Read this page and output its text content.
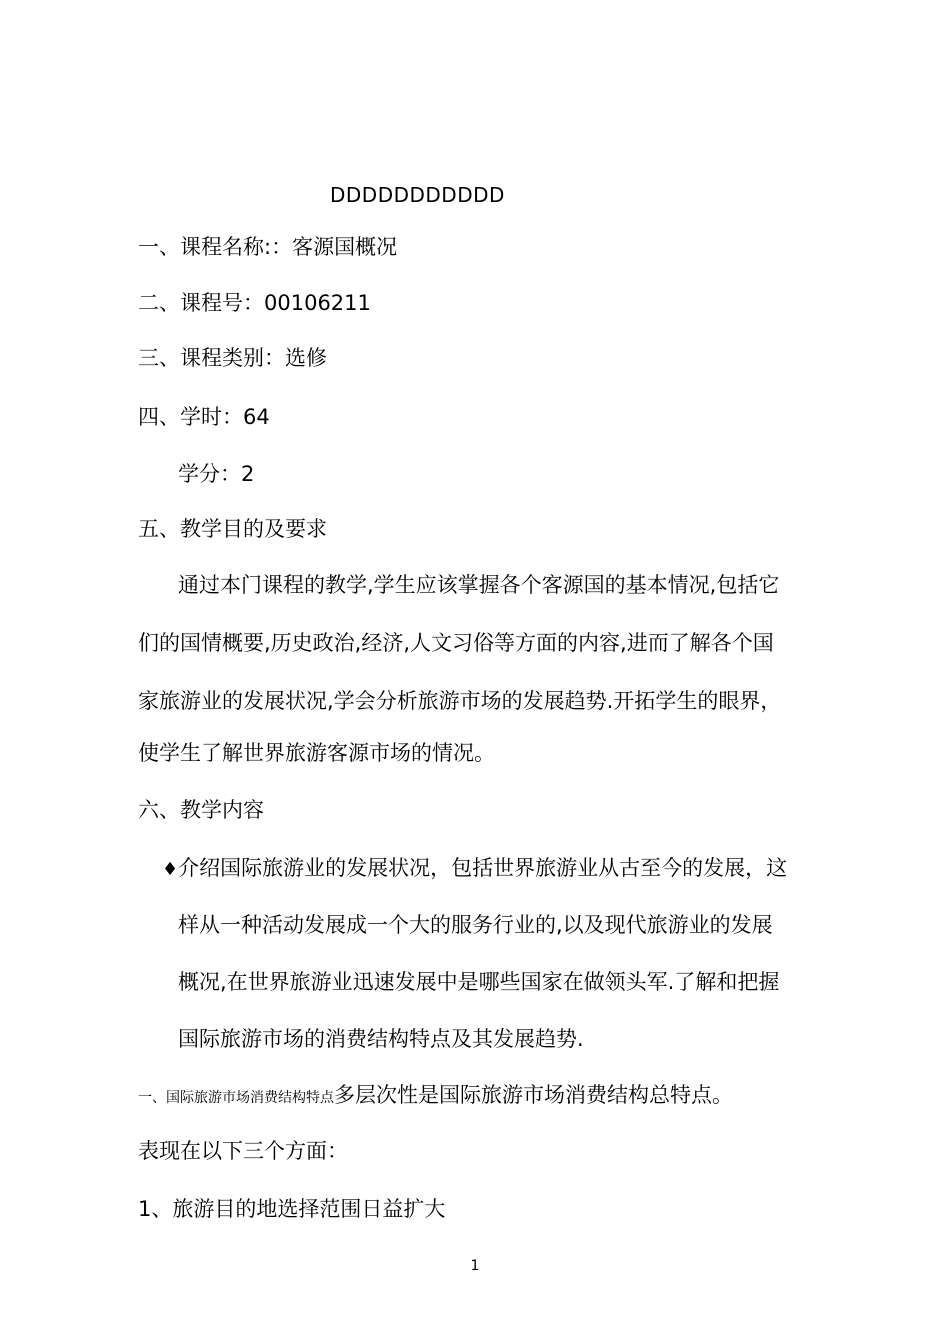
DDDDDDDDDDD
一、课程名称:：客源国概况
二、课程号：00106211
三、课程类别：选修
四、学时：64
学分：2
五、教学目的及要求
通过本门课程的教学,学生应该掌握各个客源国的基本情况,包括它
们的国情概要,历史政治,经济,人文习俗等方面的内容,进而了解各个国
家旅游业的发展状况,学会分析旅游市场的发展趋势.开拓学生的眼界，
使学生了解世界旅游客源市场的情况。
六、教学内容
♦介绍国际旅游业的发展状况，包括世界旅游业从古至今的发展，这
样从一种活动发展成一个大的服务行业的,以及现代旅游业的发展
概况,在世界旅游业迅速发展中是哪些国家在做领头军.了解和把握
国际旅游市场的消费结构特点及其发展趋势.
一、国际旅游市场消费结构特点多层次性是国际旅游市场消费结构总特点。
表现在以下三个方面：
1、旅游目的地选择范围日益扩大
1
